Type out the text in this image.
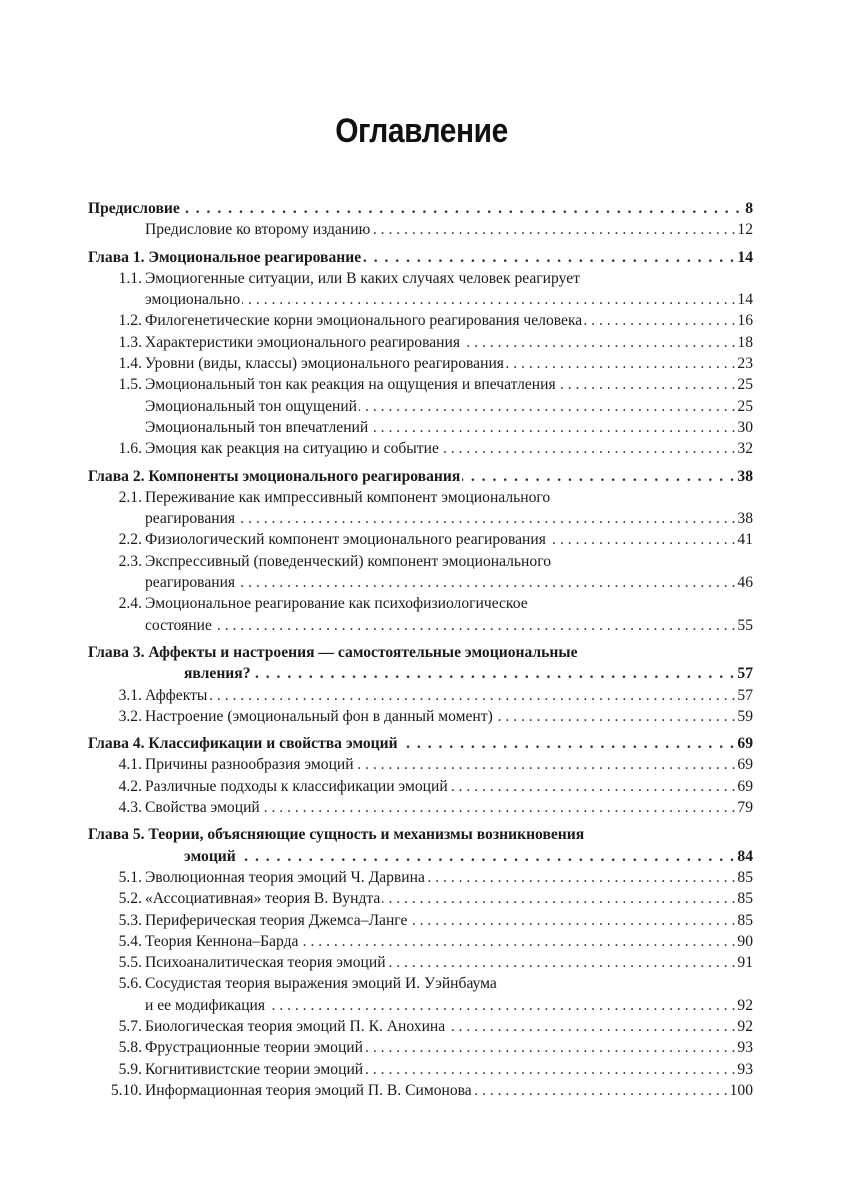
Оглавление
Предисловие . . .	8
Предисловие ко второму изданию . . .	12
Глава 1. Эмоциональное реагирование . . .	14
1.1. Эмоциогенные ситуации, или В каких случаях человек реагирует
эмоционально . . .	14
1.2. Филогенетические корни эмоционального реагирования человека . . .	16
1.3. Характеристики эмоционального реагирования . . .	18
1.4. Уровни (виды, классы) эмоционального реагирования . . .	23
1.5. Эмоциональный тон как реакция на ощущения и впечатления . . .	25
Эмоциональный тон ощущений . . .	25
Эмоциональный тон впечатлений . . .	30
1.6. Эмоция как реакция на ситуацию и событие . . .	32
Глава 2. Компоненты эмоционального реагирования . . .	38
2.1. Переживание как импрессивный компонент эмоционального
реагирования . . .	38
2.2. Физиологический компонент эмоционального реагирования . . .	41
2.3. Экспрессивный (поведенческий) компонент эмоционального
реагирования . . .	46
2.4. Эмоциональное реагирование как психофизиологическое
состояние . . .	55
Глава 3. Аффекты и настроения — самостоятельные эмоциональные
явления? . . .	57
3.1. Аффекты . . .	57
3.2. Настроение (эмоциональный фон в данный момент) . . .	59
Глава 4. Классификации и свойства эмоций . . .	69
4.1. Причины разнообразия эмоций . . .	69
4.2. Различные подходы к классификации эмоций . . .	69
4.3. Свойства эмоций . . .	79
Глава 5. Теории, объясняющие сущность и механизмы возникновения
эмоций . . .	84
5.1. Эволюционная теория эмоций Ч. Дарвина . . .	85
5.2. «Ассоциативная» теория В. Вундта . . .	85
5.3. Периферическая теория Джемса–Ланге . . .	85
5.4. Теория Кеннона–Барда . . .	90
5.5. Психоаналитическая теория эмоций . . .	91
5.6. Сосудистая теория выражения эмоций И. Уэйнбаума
и ее модификация . . .	92
5.7. Биологическая теория эмоций П. К. Анохина . . .	92
5.8. Фрустрационные теории эмоций . . .	93
5.9. Когнитивистские теории эмоций . . .	93
5.10. Информационная теория эмоций П. В. Симонова . . .	100
